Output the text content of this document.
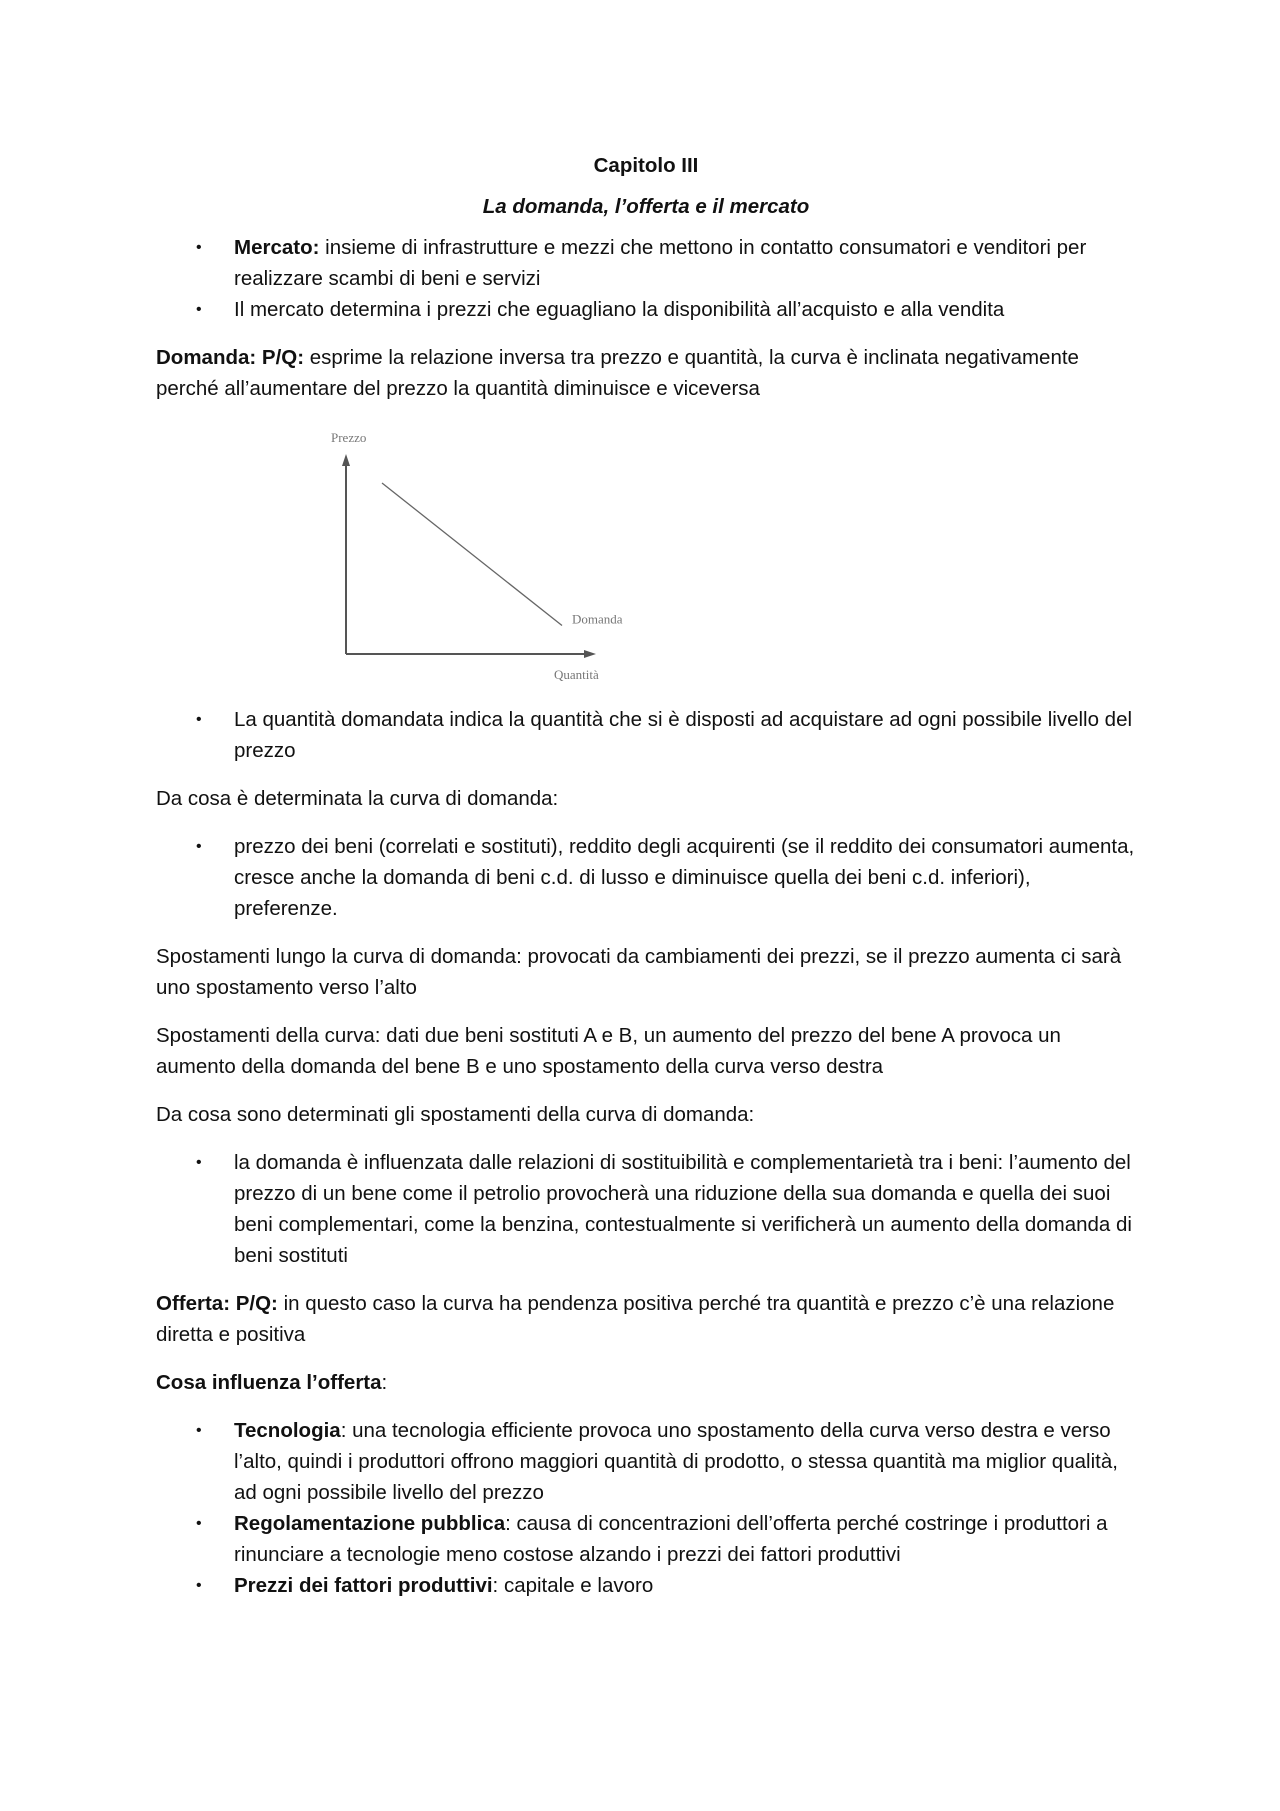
Capitolo III
La domanda, l’offerta e il mercato
• Mercato: insieme di infrastrutture e mezzi che mettono in contatto consumatori e venditori per realizzare scambi di beni e servizi
• Il mercato determina i prezzi che eguagliano la disponibilità all’acquisto e alla vendita

Domanda: P/Q: esprime la relazione inversa tra prezzo e quantità, la curva è inclinata negativamente perché all’aumentare del prezzo la quantità diminuisce e viceversa

Prezzo
Quantità
Domanda
• La quantità domandata indica la quantità che si è disposti ad acquistare ad ogni possibile livello del prezzo

Da cosa è determinata la curva di domanda:

• prezzo dei beni (correlati e sostituti), reddito degli acquirenti (se il reddito dei consumatori aumenta, cresce anche la domanda di beni c.d. di lusso e diminuisce quella dei beni c.d. inferiori), preferenze.

Spostamenti lungo la curva di domanda: provocati da cambiamenti dei prezzi, se il prezzo aumenta ci sarà uno spostamento verso l’alto

Spostamenti della curva: dati due beni sostituti A e B, un aumento del prezzo del bene A provoca un aumento della domanda del bene B e uno spostamento della curva verso destra

Da cosa sono determinati gli spostamenti della curva di domanda:

• la domanda è influenzata dalle relazioni di sostituibilità e complementarietà tra i beni: l’aumento del prezzo di un bene come il petrolio provocherà una riduzione della sua domanda e quella dei suoi beni complementari, come la benzina, contestualmente si verificherà un aumento della domanda di beni sostituti

Offerta: P/Q: in questo caso la curva ha pendenza positiva perché tra quantità e prezzo c’è una relazione diretta e positiva

Cosa influenza l’offerta:

• Tecnologia: una tecnologia efficiente provoca uno spostamento della curva verso destra e verso l’alto, quindi i produttori offrono maggiori quantità di prodotto, o stessa quantità ma miglior qualità, ad ogni possibile livello del prezzo
• Regolamentazione pubblica: causa di concentrazioni dell’offerta perché costringe i produttori a rinunciare a tecnologie meno costose alzando i prezzi dei fattori produttivi
• Prezzi dei fattori produttivi: capitale e lavoro
